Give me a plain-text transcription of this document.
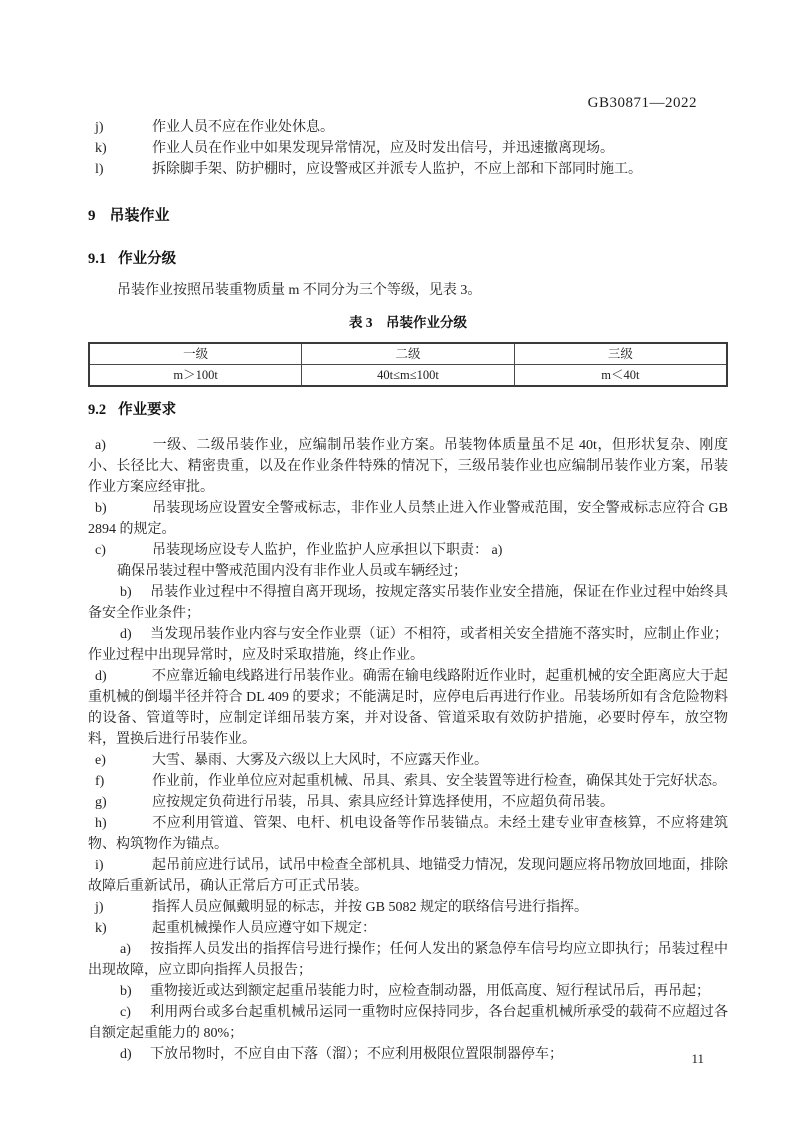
GB30871—2022

j)	作业人员不应在作业处休息。

k)	作业人员在作业中如果发现异常情况，应及时发出信号，并迅速撤离现场。

l)	拆除脚手架、防护棚时，应设警戒区并派专人监护，不应上部和下部同时施工。

9 吊装作业
9.1 作业分级

吊装作业按照吊装重物质量 m 不同分为三个等级，见表 3。

表 3　吊装作业分级
一级	二级	三级
m＞100t	40t≤m≤100t	m＜40t
9.2 作业要求

a)	一级、二级吊装作业，应编制吊装作业方案。吊装物体质量虽不足 40t，但形状复杂、刚度小、长径比大、精密贵重，以及在作业条件特殊的情况下，三级吊装作业也应编制吊装作业方案，吊装作业方案应经审批。

b)	吊装现场应设置安全警戒标志，非作业人员禁止进入作业警戒范围，安全警戒标志应符合 GB 2894 的规定。

c)	吊装现场应设专人监护，作业监护人应承担以下职责： a)

确保吊装过程中警戒范围内没有非作业人员或车辆经过；

b) 吊装作业过程中不得擅自离开现场，按规定落实吊装作业安全措施，保证在作业过程中始终具备安全作业条件；

d) 当发现吊装作业内容与安全作业票（证）不相符，或者相关安全措施不落实时，应制止作业；作业过程中出现异常时，应及时采取措施，终止作业。

d)	不应靠近输电线路进行吊装作业。确需在输电线路附近作业时，起重机械的安全距离应大于起重机械的倒塌半径并符合 DL 409 的要求；不能满足时，应停电后再进行作业。吊装场所如有含危险物料的设备、管道等时，应制定详细吊装方案，并对设备、管道采取有效防护措施，必要时停车，放空物料，置换后进行吊装作业。

e)	大雪、暴雨、大雾及六级以上大风时，不应露天作业。

f)	作业前，作业单位应对起重机械、吊具、索具、安全装置等进行检查，确保其处于完好状态。

g)	应按规定负荷进行吊装，吊具、索具应经计算选择使用，不应超负荷吊装。

h)	不应利用管道、管架、电杆、机电设备等作吊装锚点。未经土建专业审查核算，不应将建筑物、构筑物作为锚点。

i)	起吊前应进行试吊，试吊中检查全部机具、地锚受力情况，发现问题应将吊物放回地面，排除故障后重新试吊，确认正常后方可正式吊装。

j)	指挥人员应佩戴明显的标志，并按 GB 5082 规定的联络信号进行指挥。

k)	起重机械操作人员应遵守如下规定：

a) 按指挥人员发出的指挥信号进行操作；任何人发出的紧急停车信号均应立即执行；吊装过程中出现故障，应立即向指挥人员报告；

b) 重物接近或达到额定起重吊装能力时，应检查制动器，用低高度、短行程试吊后，再吊起；

c) 利用两台或多台起重机械吊运同一重物时应保持同步，各台起重机械所承受的载荷不应超过各自额定起重能力的 80%；

d) 下放吊物时，不应自由下落（溜）；不应利用极限位置限制器停车；	11
